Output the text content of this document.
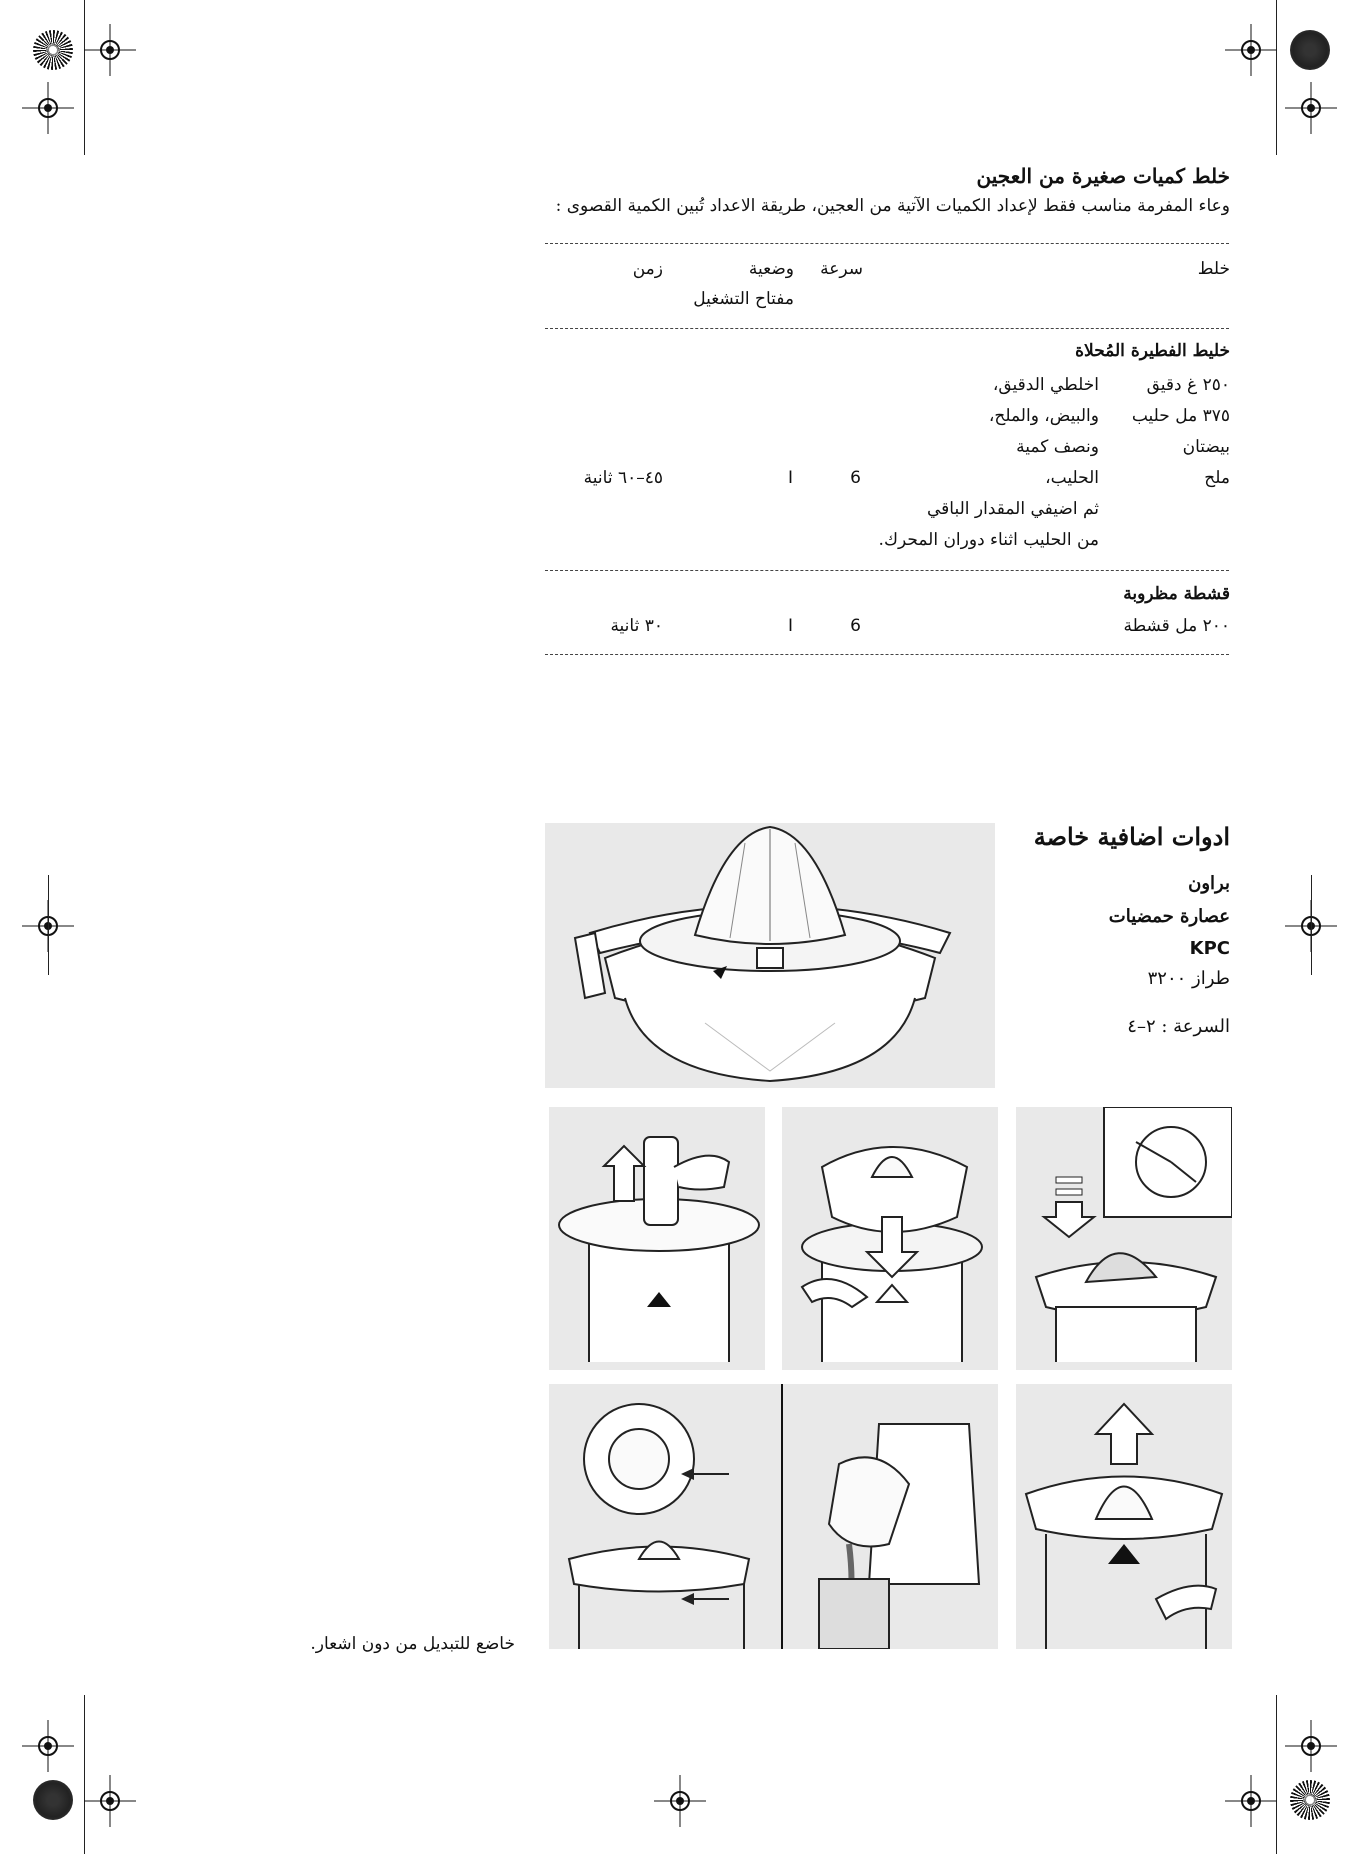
خلط كميات صغيرة من العجين
وعاء المفرمة مناسب فقط لإعداد الكميات الآتية من العجين، طريقة الاعداد تُبين الكمية القصوى :
خلط
سرعة
وضعية
مفتاح التشغيل
زمن
خليط الفطيرة المُحلاة
٢٥٠ غ دقيق
٣٧٥ مل حليب
بيضتان
ملح
اخلطي الدقيق،
والبيض، والملح،
ونصف كمية
الحليب،
ثم اضيفي المقدار الباقي
من الحليب اثناء دوران المحرك.
6
I
٤٥–٦٠ ثانية
قشطة مظروبة
٢٠٠ مل قشطة
6
I
٣٠ ثانية
ادوات اضافية خاصة
براون
عصارة حمضيات
KPC
طراز ٣٢٠٠
السرعة : ٢–٤
خاضع للتبديل من دون اشعار.
